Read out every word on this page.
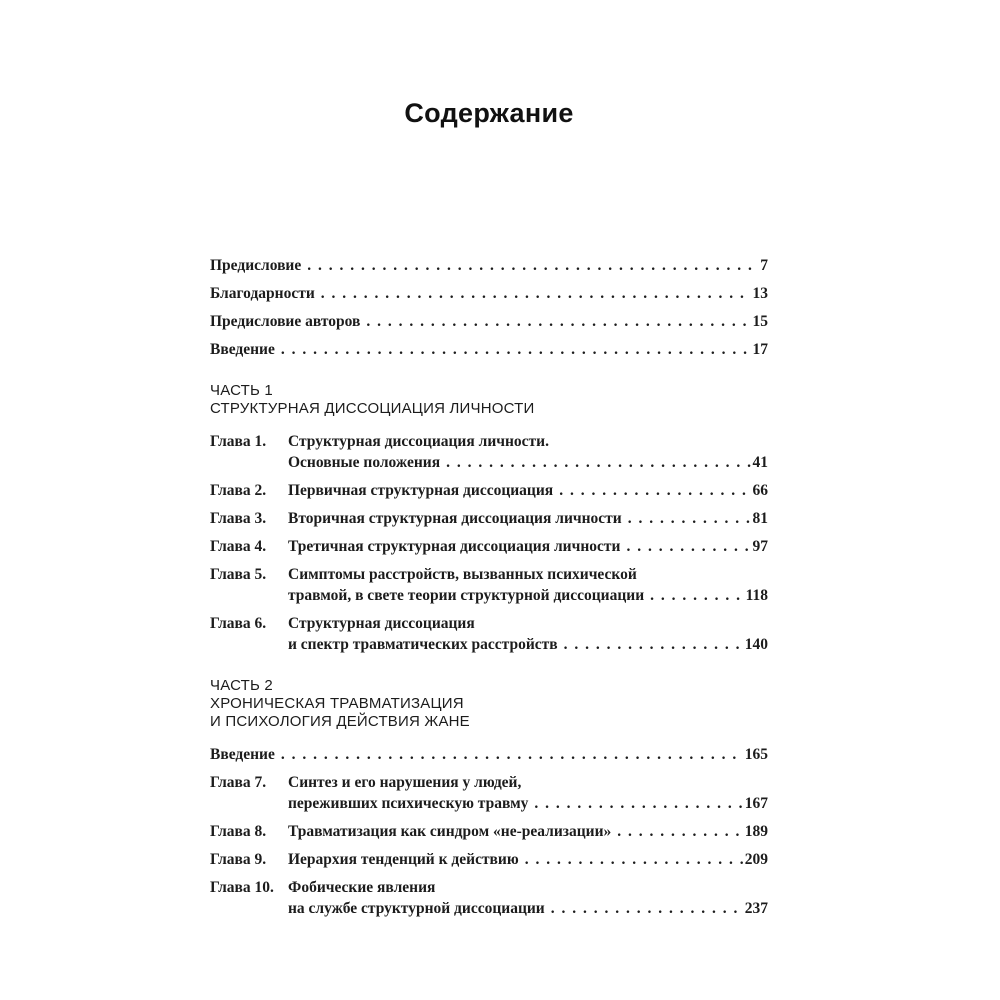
Содержание
Предисловие . . .	7
Благодарности . . .	13
Предисловие авторов . . .	15
Введение . . .	17
ЧАСТЬ 1
СТРУКТУРНАЯ ДИССОЦИАЦИЯ ЛИЧНОСТИ
Глава 1.	Структурная диссоциация личности.
Основные положения . . .	41
Глава 2.	Первичная структурная диссоциация . . .	66
Глава 3.	Вторичная структурная диссоциация личности . . .	81
Глава 4.	Третичная структурная диссоциация личности . . .	97
Глава 5.	Симптомы расстройств, вызванных психической
травмой, в свете теории структурной диссоциации . . .	118
Глава 6.	Структурная диссоциация
и спектр травматических расстройств . . .	140
ЧАСТЬ 2
ХРОНИЧЕСКАЯ ТРАВМАТИЗАЦИЯ
И ПСИХОЛОГИЯ ДЕЙСТВИЯ ЖАНЕ
Введение . . .	165
Глава 7.	Синтез и его нарушения у людей,
переживших психическую травму . . .	167
Глава 8.	Травматизация как синдром «не-реализации» . . .	189
Глава 9.	Иерархия тенденций к действию . . .	209
Глава 10. Фобические явления
на службе структурной диссоциации . . .	237
